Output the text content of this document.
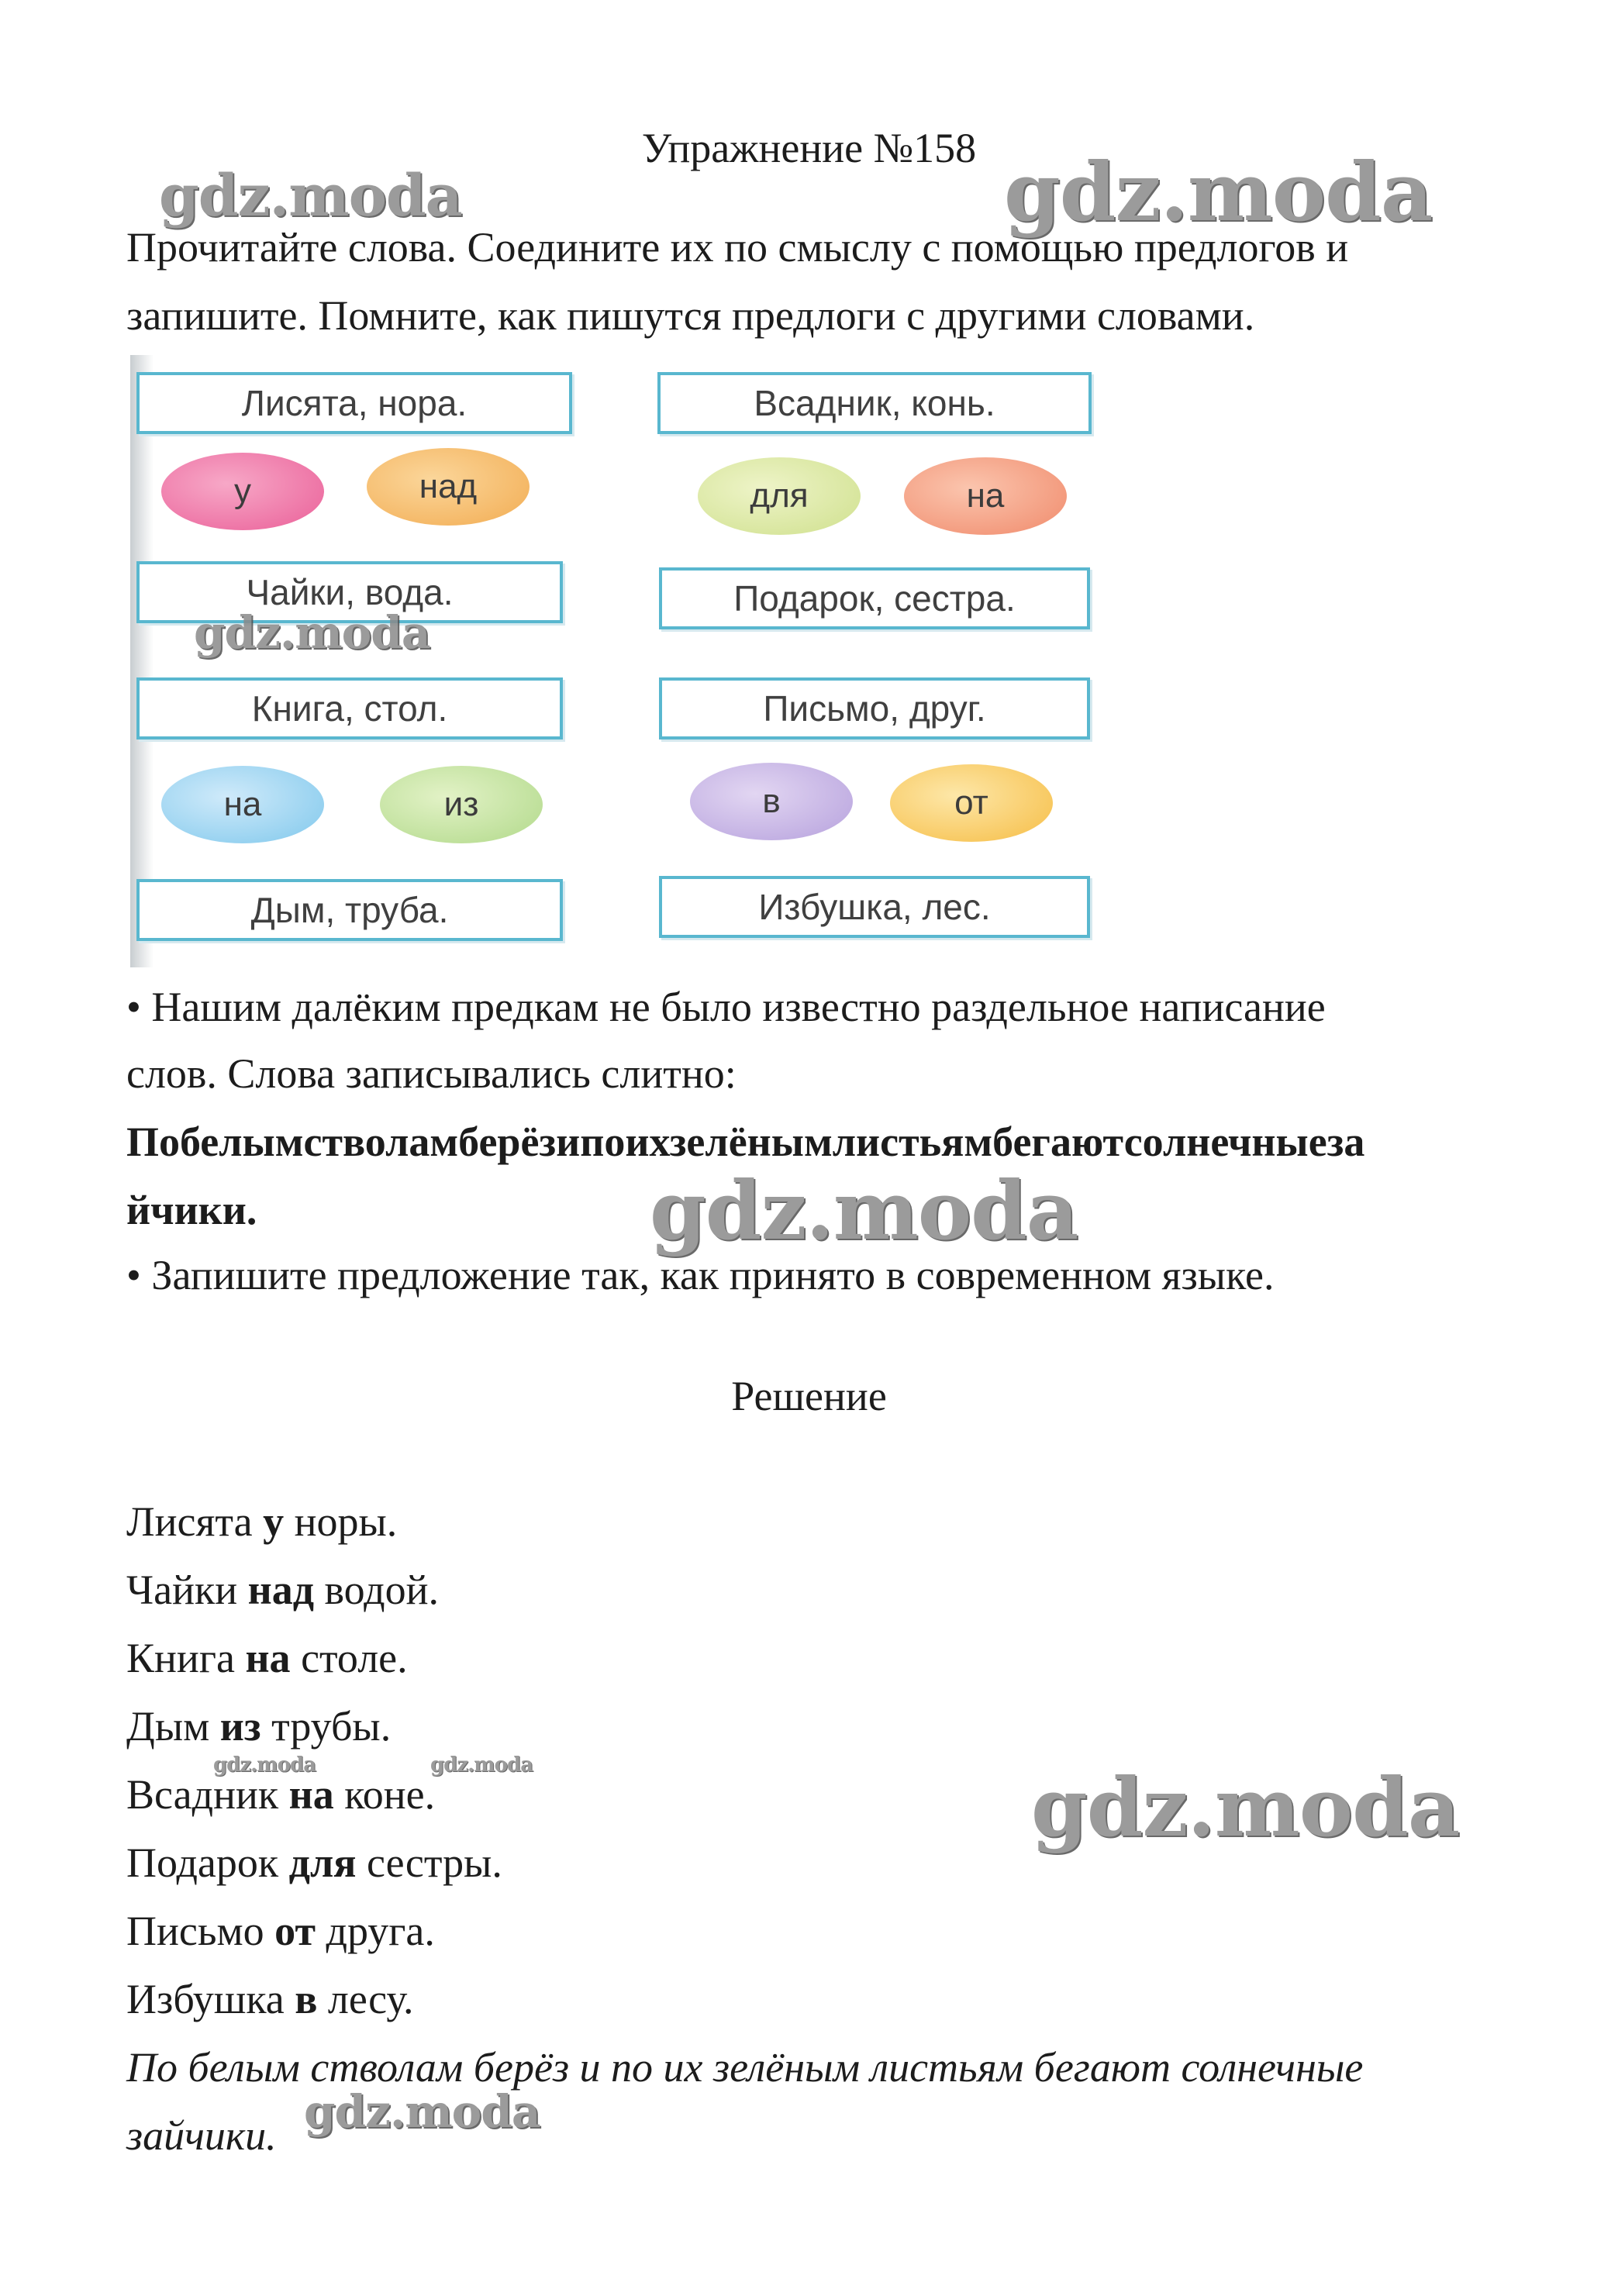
Упражнение №158
Прочитайте слова. Соедините их по смыслу с помощью предлогов и
запишите. Помните, как пишутся предлоги с другими словами.
Лисята, нора.
у	над
Чайки, вода.
Книга, стол.
на	из
Дым, труба.
Всадник, конь.
для	на
Подарок, сестра.
Письмо, друг.
в	от
Избушка, лес.
• Нашим далёким предкам не было известно раздельное написание
слов. Слова записывались слитно:
Побелымстволамберёзипоихзелёнымлистьямбегаютсолнечныеза
йчики.
• Запишите предложение так, как принято в современном языке.
Решение
Лисята у норы.
Чайки над водой.
Книга на столе.
Дым из трубы.
Всадник на коне.
Подарок для сестры.
Письмо от друга.
Избушка в лесу.
По белым стволам берёз и по их зелёным листьям бегают солнечные
зайчики.
gdz.moda	gdz.moda
gdz.moda
gdz.moda
gdz.moda	gdz.moda	gdz.moda
gdz.moda
